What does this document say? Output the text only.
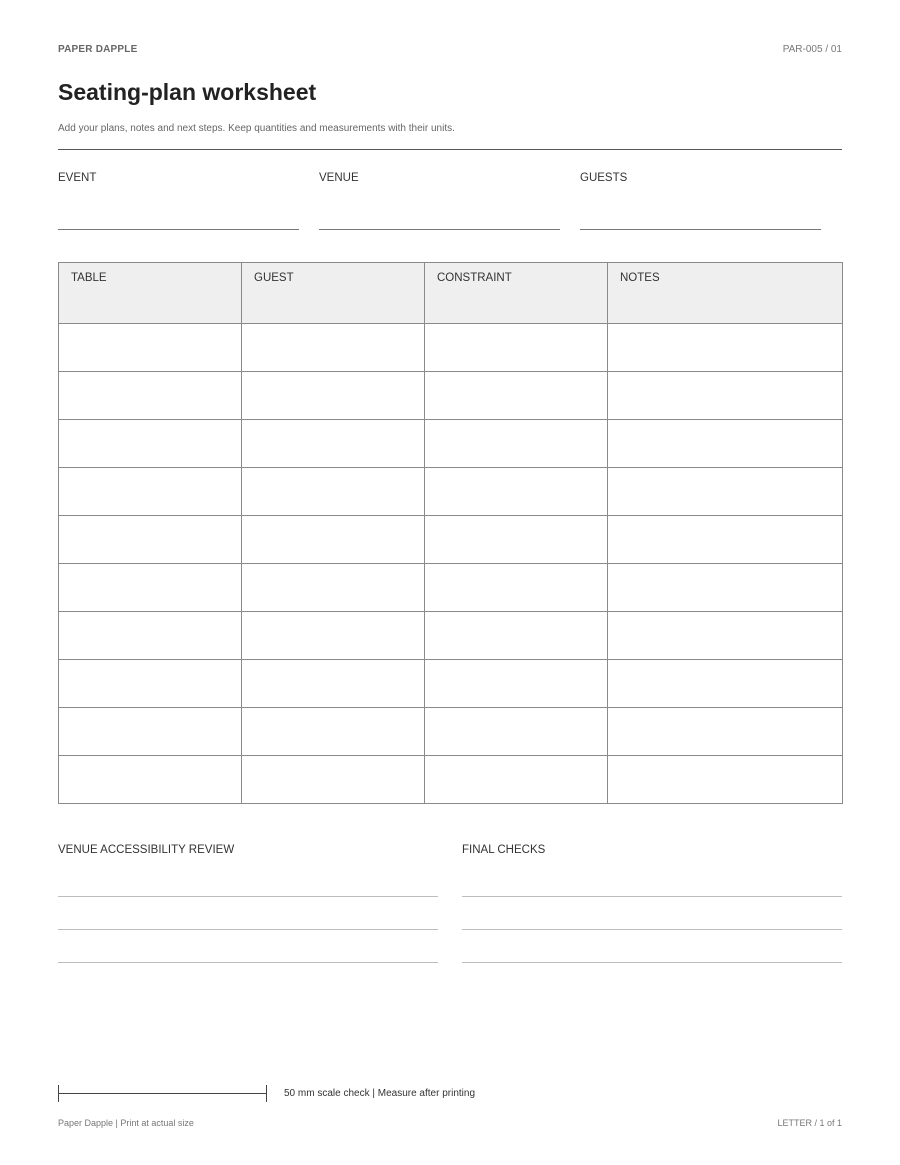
PAPER DAPPLE	PAR-005 / 01
Seating-plan worksheet
Add your plans, notes and next steps. Keep quantities and measurements with their units.
EVENT	VENUE	GUESTS
TABLE	GUEST	CONSTRAINT	NOTES

VENUE ACCESSIBILITY REVIEW	FINAL CHECKS
50 mm scale check | Measure after printing
Paper Dapple | Print at actual size	LETTER / 1 of 1
